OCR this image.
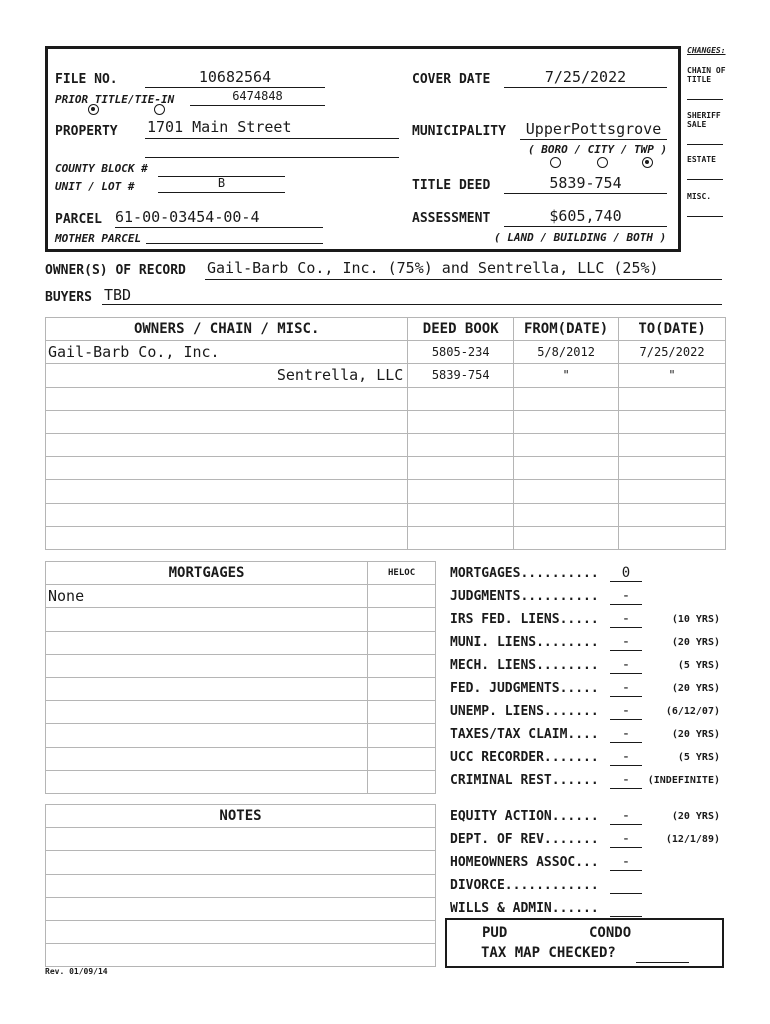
FILE NO.	10682564
PRIOR TITLE/TIE-IN	6474848
PROPERTY 1701 Main Street
COUNTY BLOCK #
UNIT / LOT #	B
PARCEL 61-00-03454-00-4
MOTHER PARCEL
COVER DATE	7/25/2022
MUNICIPALITY	UpperPottsgrove
( BORO / CITY / TWP )
TITLE DEED	5839-754
ASSESSMENT	$605,740
( LAND / BUILDING / BOTH )
CHANGES:
CHAIN OF TITLE
SHERIFF SALE
ESTATE
MISC.
OWNER(S) OF RECORD Gail-Barb Co., Inc. (75%) and Sentrella, LLC (25%)
BUYERS TBD
OWNERS / CHAIN / MISC.	DEED BOOK	FROM(DATE)	TO(DATE)
Gail-Barb Co., Inc.	5805-234	5/8/2012	7/25/2022
Sentrella, LLC	5839-754	"	"

MORTGAGES	HELOC
None	

NOTES

MORTGAGES..........	0
JUDGMENTS..........	-
IRS FED. LIENS.....	-	(10 YRS)
MUNI. LIENS........	-	(20 YRS)
MECH. LIENS........	-	(5 YRS)
FED. JUDGMENTS.....	-	(20 YRS)
UNEMP. LIENS.......	-	(6/12/07)
TAXES/TAX CLAIM....	-	(20 YRS)
UCC RECORDER.......	-	(5 YRS)
CRIMINAL REST......	-	(INDEFINITE)
EQUITY ACTION......	-	(20 YRS)
DEPT. OF REV.......	-	(12/1/89)
HOMEOWNERS ASSOC...	-
DIVORCE............
WILLS & ADMIN......
PUD	CONDO
TAX MAP CHECKED?
Rev. 01/09/14
